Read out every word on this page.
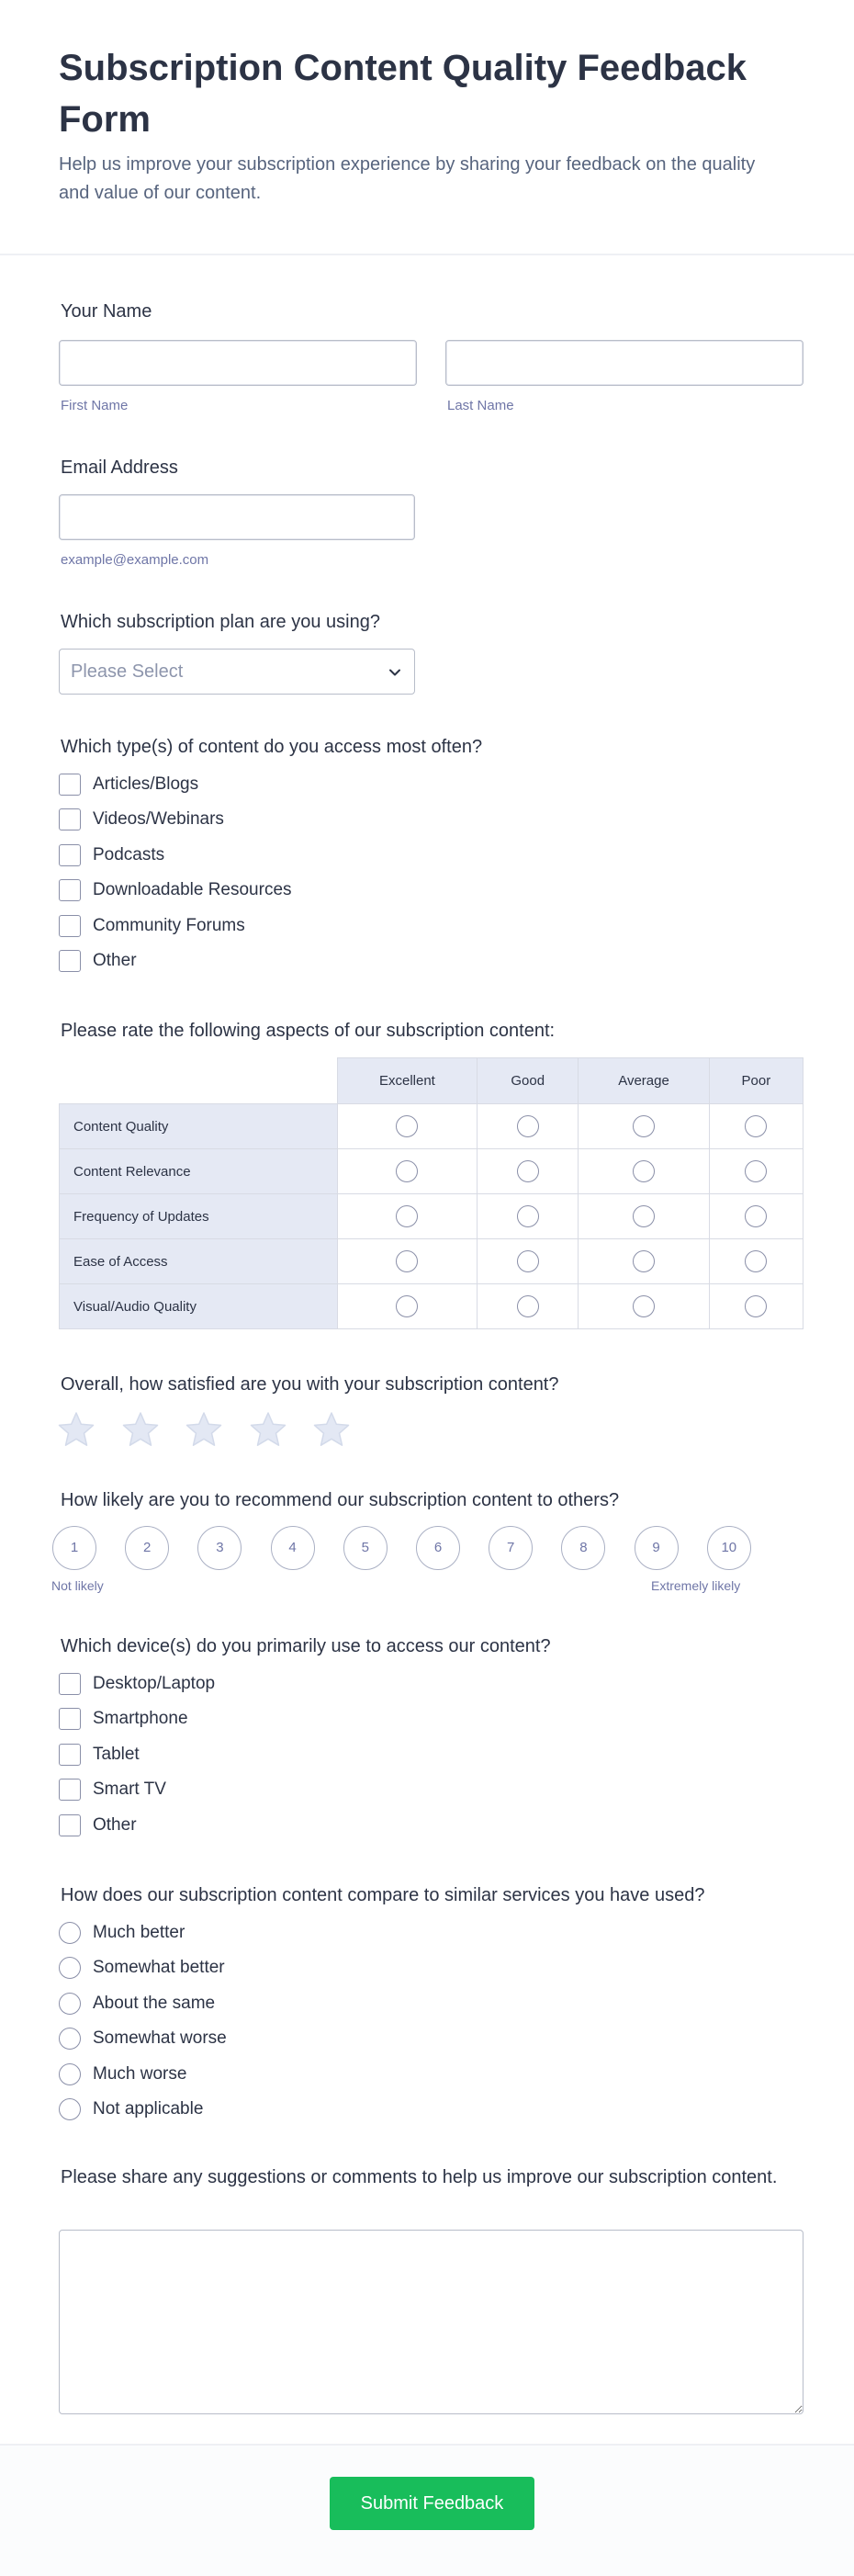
Subscription Content Quality Feedback Form

Help us improve your subscription experience by sharing your feedback on the quality and value of our content.

Your Name
First Name	Last Name
Email Address
example@example.com
Which subscription plan are you using?
Please Select
Which type(s) of content do you access most often?
Articles/Blogs
Videos/Webinars
Podcasts
Downloadable Resources
Community Forums
Other
Please rate the following aspects of our subscription content:
	Excellent	Good	Average	Poor
Content Quality				
Content Relevance				
Frequency of Updates				
Ease of Access				
Visual/Audio Quality				
Overall, how satisfied are you with your subscription content?
How likely are you to recommend our subscription content to others?
1	2	3	4	5	6	7	8	9	10
Not likely	Extremely likely
Which device(s) do you primarily use to access our content?
Desktop/Laptop
Smartphone
Tablet
Smart TV
Other
How does our subscription content compare to similar services you have used?
Much better
Somewhat better
About the same
Somewhat worse
Much worse
Not applicable
Please share any suggestions or comments to help us improve our subscription content.
Submit Feedback
